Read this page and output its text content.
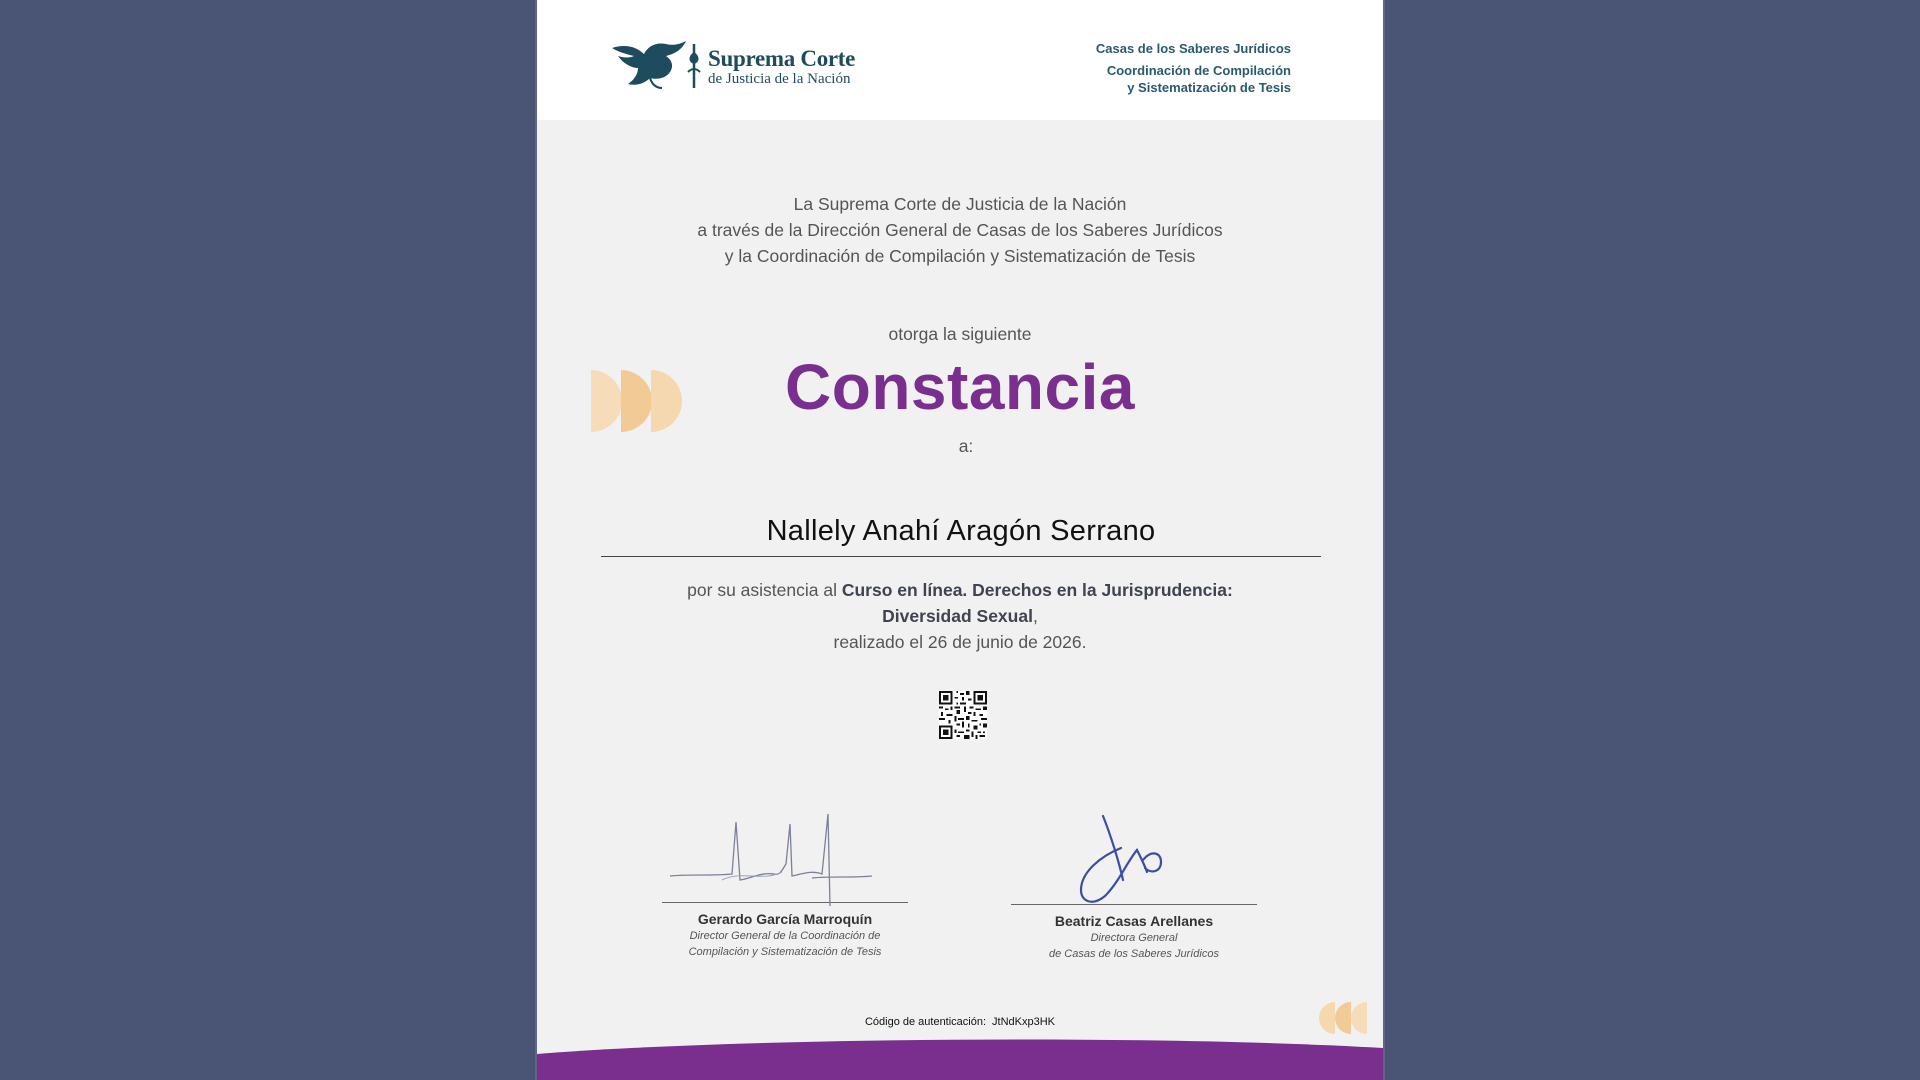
Suprema Corte
de Justicia de la Nación
Casas de los Saberes Jurídicos
Coordinación de Compilación
y Sistematización de Tesis
La Suprema Corte de Justicia de la Nación
a través de la Dirección General de Casas de los Saberes Jurídicos
y la Coordinación de Compilación y Sistematización de Tesis
otorga la siguiente
Constancia
a:
Nallely Anahí Aragón Serrano
por su asistencia al Curso en línea. Derechos en la Jurisprudencia:
Diversidad Sexual,
realizado el 26 de junio de 2026.
Gerardo García Marroquín
Director General de la Coordinación de
Compilación y Sistematización de Tesis
Beatriz Casas Arellanes
Directora General
de Casas de los Saberes Jurídicos
Código de autenticación: JtNdKxp3HK
